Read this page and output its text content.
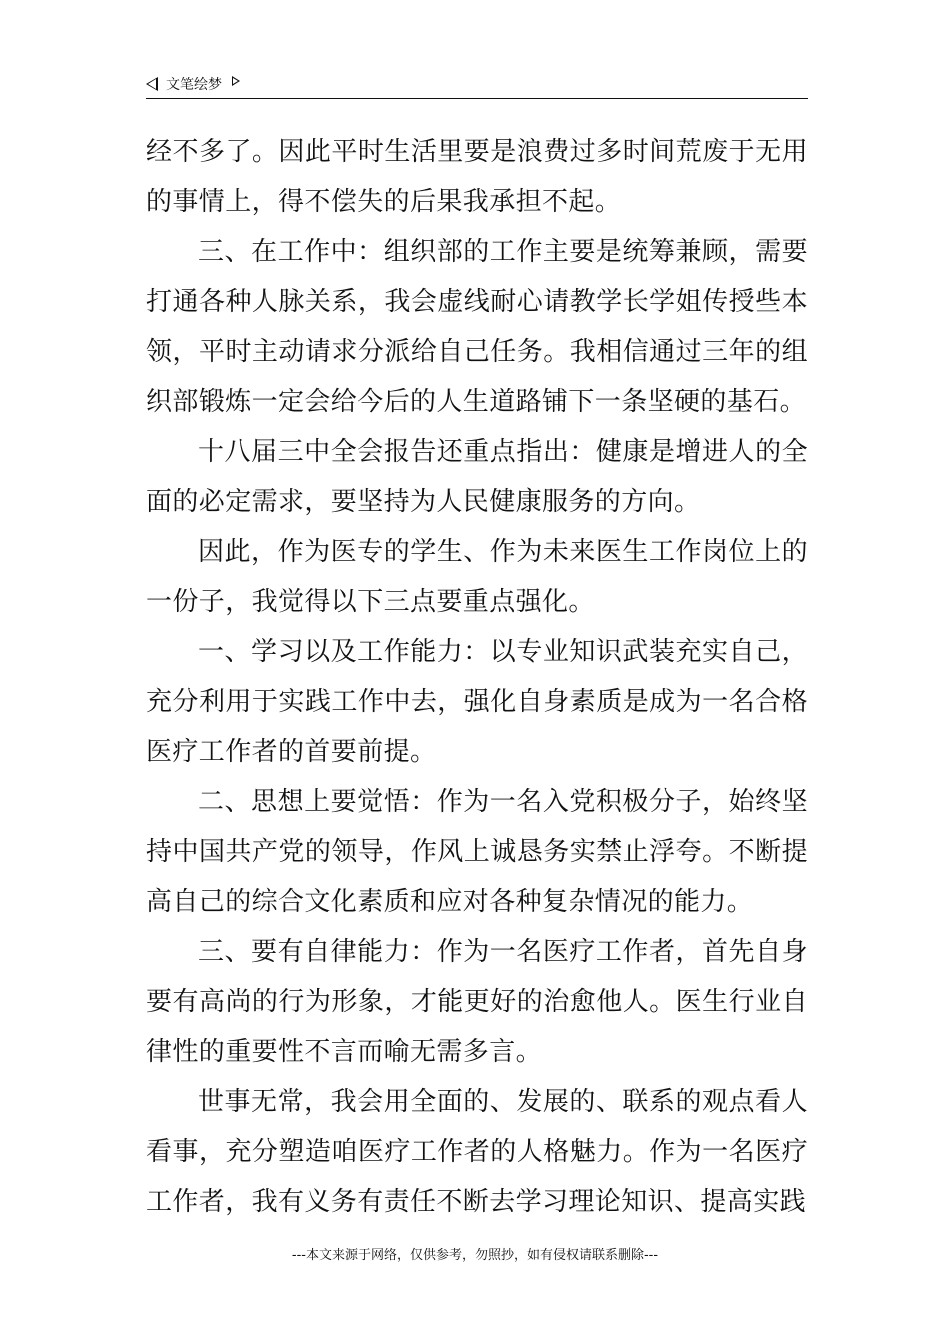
文笔绘梦

经不多了。因此平时生活里要是浪费过多时间荒废于无用的事情上，得不偿失的后果我承担不起。

三、在工作中：组织部的工作主要是统筹兼顾，需要打通各种人脉关系，我会虚线耐心请教学长学姐传授些本领，平时主动请求分派给自己任务。我相信通过三年的组织部锻炼一定会给今后的人生道路铺下一条坚硬的基石。

十八届三中全会报告还重点指出：健康是增进人的全面的必定需求，要坚持为人民健康服务的方向。

因此，作为医专的学生、作为未来医生工作岗位上的一份子，我觉得以下三点要重点强化。

一、学习以及工作能力：以专业知识武装充实自己，充分利用于实践工作中去，强化自身素质是成为一名合格医疗工作者的首要前提。

二、思想上要觉悟：作为一名入党积极分子，始终坚持中国共产党的领导，作风上诚恳务实禁止浮夸。不断提高自己的综合文化素质和应对各种复杂情况的能力。

三、要有自律能力：作为一名医疗工作者，首先自身要有高尚的行为形象，才能更好的治愈他人。医生行业自律性的重要性不言而喻无需多言。

世事无常，我会用全面的、发展的、联系的观点看人看事，充分塑造咱医疗工作者的人格魅力。作为一名医疗工作者，我有义务有责任不断去学习理论知识、提高实践

---本文来源于网络，仅供参考，勿照抄，如有侵权请联系删除---
